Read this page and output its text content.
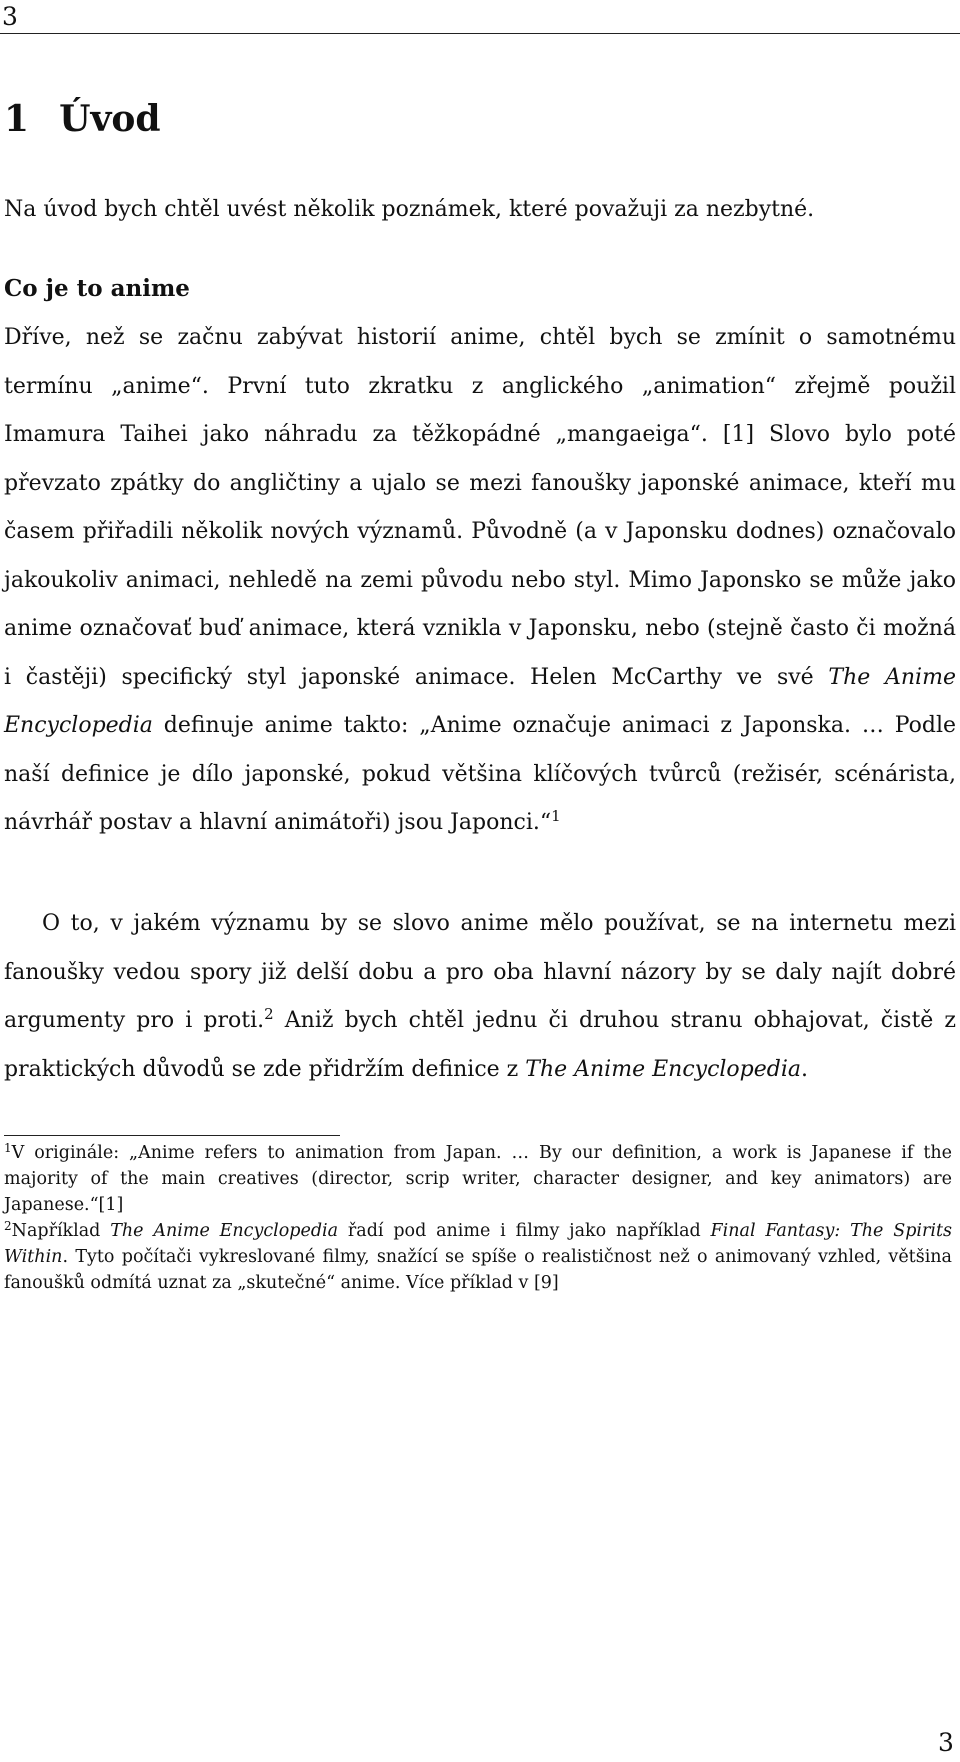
3
1 Úvod

Na úvod bych chtěl uvést několik poznámek, které považuji za nezbytné.

Co je to anime

Dříve, než se začnu zabývat historií anime, chtěl bych se zmínit o samotnému termínu „anime“. První tuto zkratku z anglického „animation“ zřejmě použil Imamura Taihei jako náhradu za těžkopádné „mangaeiga“. [1] Slovo bylo poté převzato zpátky do angličtiny a ujalo se mezi fanoušky japonské animace, kteří mu časem přiřadili několik nových významů. Původně (a v Japonsku dodnes) označovalo jakoukoliv animaci, nehledě na zemi původu nebo styl. Mimo Japonsko se může jako anime označovať buď animace, která vznikla v Japonsku, nebo (stejně často či možná i častěji) specifický styl japonské animace. Helen McCarthy ve své The Anime Encyclopedia definuje anime takto: „Anime označuje animaci z Japonska. … Podle naší definice je dílo japonské, pokud většina klíčových tvůrců (režisér, scénárista, návrhář postav a hlavní animátoři) jsou Japonci.“$^1$

O to, v jakém významu by se slovo anime mělo používat, se na internetu mezi fanoušky vedou spory již delší dobu a pro oba hlavní názory by se daly najít dobré argumenty pro i proti.$^2$ Aniž bych chtěl jednu či druhou stranu obhajovat, čistě z praktických důvodů se zde přidržím definice z The Anime Encyclopedia.

$^1$V originále: „Anime refers to animation from Japan. … By our definition, a work is Japanese if the majority of the main creatives (director, scrip writer, character designer, and key animators) are Japanese.“[1]

$^2$Například The Anime Encyclopedia řadí pod anime i filmy jako například Final Fantasy: The Spirits Within. Tyto počítači vykreslované filmy, snažící se spíše o realističnost než o animovaný vzhled, většina fanoušků odmítá uznat za „skutečné“ anime. Více příklad v [9]

3
